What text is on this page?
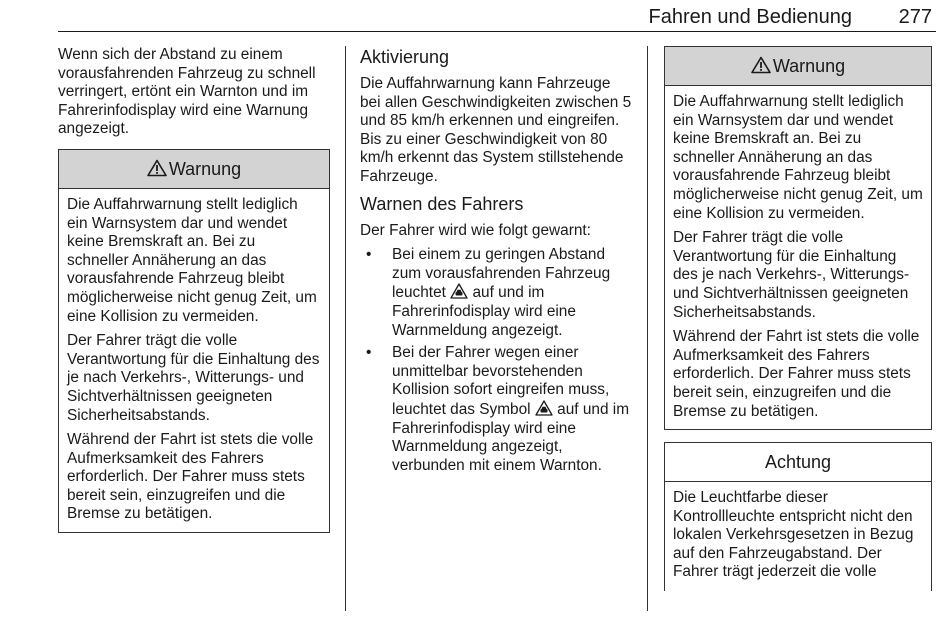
Fahren und Bedienung 277

Wenn sich der Abstand zu einem vorausfahrenden Fahrzeug zu schnell verringert, ertönt ein Warnton und im Fahrerinfodisplay wird eine Warnung angezeigt.

Warnung

Die Auffahrwarnung stellt lediglich ein Warnsystem dar und wendet keine Bremskraft an. Bei zu schneller Annäherung an das vorausfahrende Fahrzeug bleibt möglicherweise nicht genug Zeit, um eine Kollision zu vermeiden.

Der Fahrer trägt die volle Verantwortung für die Einhaltung des je nach Verkehrs-, Witterungs- und Sichtverhältnissen geeigneten Sicherheitsabstands.

Während der Fahrt ist stets die volle Aufmerksamkeit des Fahrers erforderlich. Der Fahrer muss stets bereit sein, einzugreifen und die Bremse zu betätigen.

Aktivierung

Die Auffahrwarnung kann Fahrzeuge bei allen Geschwindigkeiten zwischen 5 und 85 km/h erkennen und eingreifen. Bis zu einer Geschwindigkeit von 80 km/h erkennt das System stillstehende Fahrzeuge.

Warnen des Fahrers

Der Fahrer wird wie folgt gewarnt:

• Bei einem zu geringen Abstand zum vorausfahrenden Fahrzeug leuchtet  auf und im Fahrerinfodisplay wird eine Warnmeldung angezeigt.
• Bei der Fahrer wegen einer unmittelbar bevorstehenden Kollision sofort eingreifen muss, leuchtet das Symbol  auf und im Fahrerinfodisplay wird eine Warnmeldung angezeigt, verbunden mit einem Warnton.
Warnung

Die Auffahrwarnung stellt lediglich ein Warnsystem dar und wendet keine Bremskraft an. Bei zu schneller Annäherung an das vorausfahrende Fahrzeug bleibt möglicherweise nicht genug Zeit, um eine Kollision zu vermeiden.

Der Fahrer trägt die volle Verantwortung für die Einhaltung des je nach Verkehrs-, Witterungs- und Sichtverhältnissen geeigneten Sicherheitsabstands.

Während der Fahrt ist stets die volle Aufmerksamkeit des Fahrers erforderlich. Der Fahrer muss stets bereit sein, einzugreifen und die Bremse zu betätigen.

Achtung

Die Leuchtfarbe dieser Kontrollleuchte entspricht nicht den lokalen Verkehrsgesetzen in Bezug auf den Fahrzeugabstand. Der Fahrer trägt jederzeit die volle
